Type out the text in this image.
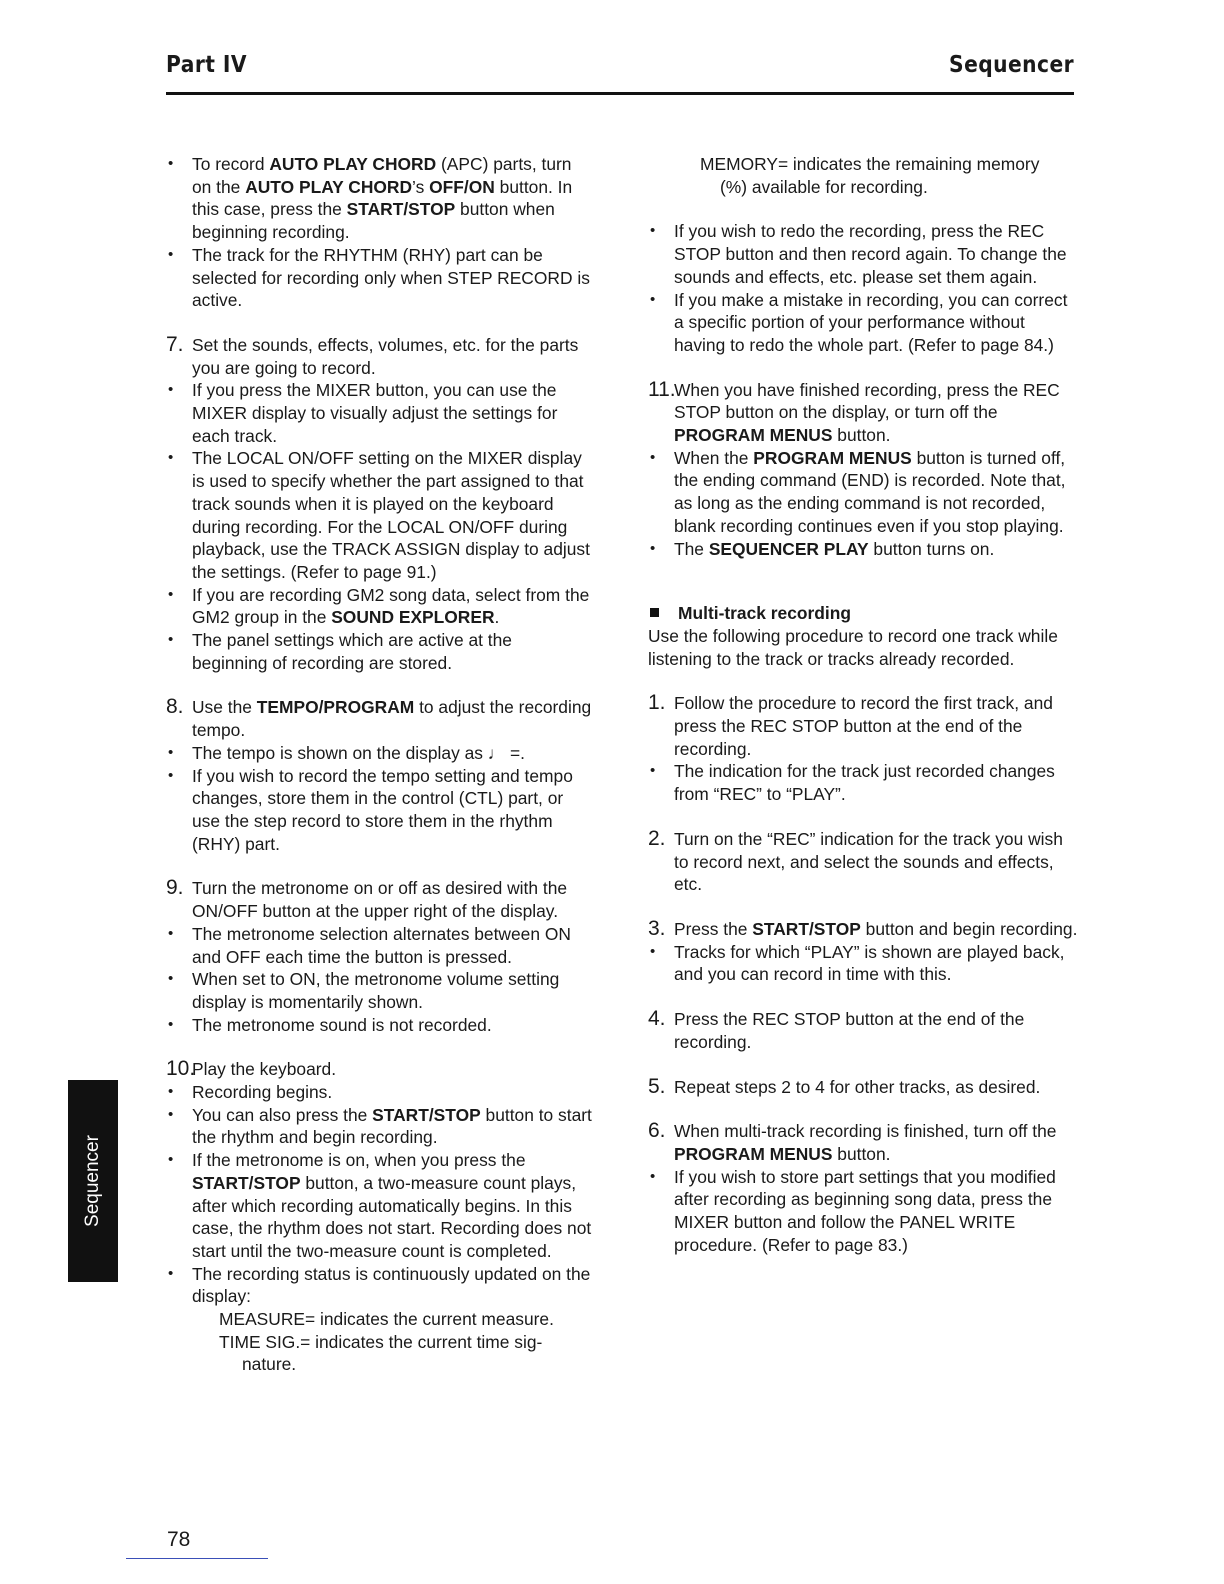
Part IV	Sequencer

• To record AUTO PLAY CHORD (APC) parts, turn on the AUTO PLAY CHORD’s OFF/ON button. In this case, press the START/STOP button when beginning recording.

• The track for the RHYTHM (RHY) part can be selected for recording only when STEP RECORD is active.

7. Set the sounds, effects, volumes, etc. for the parts you are going to record.

• If you press the MIXER button, you can use the MIXER display to visually adjust the settings for each track.

• The LOCAL ON/OFF setting on the MIXER display is used to specify whether the part assigned to that track sounds when it is played on the keyboard during recording. For the LOCAL ON/OFF during playback, use the TRACK ASSIGN display to adjust the settings. (Refer to page 91.)

• If you are recording GM2 song data, select from the GM2 group in the SOUND EXPLORER.

• The panel settings which are active at the beginning of recording are stored.

8. Use the TEMPO/PROGRAM to adjust the recording tempo.

• The tempo is shown on the display as ♩ =.

• If you wish to record the tempo setting and tempo changes, store them in the control (CTL) part, or use the step record to store them in the rhythm (RHY) part.

9. Turn the metronome on or off as desired with the ON/OFF button at the upper right of the display.

• The metronome selection alternates between ON and OFF each time the button is pressed.

• When set to ON, the metronome volume setting display is momentarily shown.

• The metronome sound is not recorded.

10.
Play the keyboard.

• Recording begins.

• You can also press the START/STOP button to start the rhythm and begin recording.

• If the metronome is on, when you press the START/STOP button, a two-measure count plays, after which recording automatically begins. In this case, the rhythm does not start. Recording does not start until the two-measure count is completed.

• The recording status is continuously updated on the display:

MEASURE= indicates the current measure.

TIME SIG.= indicates the current time sig-

nature.

MEMORY= indicates the remaining memory

(%) available for recording.

• If you wish to redo the recording, press the REC STOP button and then record again. To change the sounds and effects, etc. please set them again.

• If you make a mistake in recording, you can correct a specific portion of your performance without having to redo the whole part. (Refer to page 84.)

11.
When you have finished recording, press the REC STOP button on the display, or turn off the PROGRAM MENUS button.

• When the PROGRAM MENUS button is turned off, the ending command (END) is recorded. Note that, as long as the ending command is not recorded, blank recording continues even if you stop playing.

• The SEQUENCER PLAY button turns on.

Multi-track recording

Use the following procedure to record one track while listening to the track or tracks already recorded.

1. Follow the procedure to record the first track, and press the REC STOP button at the end of the recording.

• The indication for the track just recorded changes from “REC” to “PLAY”.

2. Turn on the “REC” indication for the track you wish to record next, and select the sounds and effects, etc.

3. Press the START/STOP button and begin recording.

• Tracks for which “PLAY” is shown are played back, and you can record in time with this.

4. Press the REC STOP button at the end of the recording.

5. Repeat steps 2 to 4 for other tracks, as desired.

6. When multi-track recording is finished, turn off the PROGRAM MENUS button.

• If you wish to store part settings that you modified after recording as beginning song data, press the MIXER button and follow the PANEL WRITE procedure. (Refer to page 83.)

Sequencer
78
